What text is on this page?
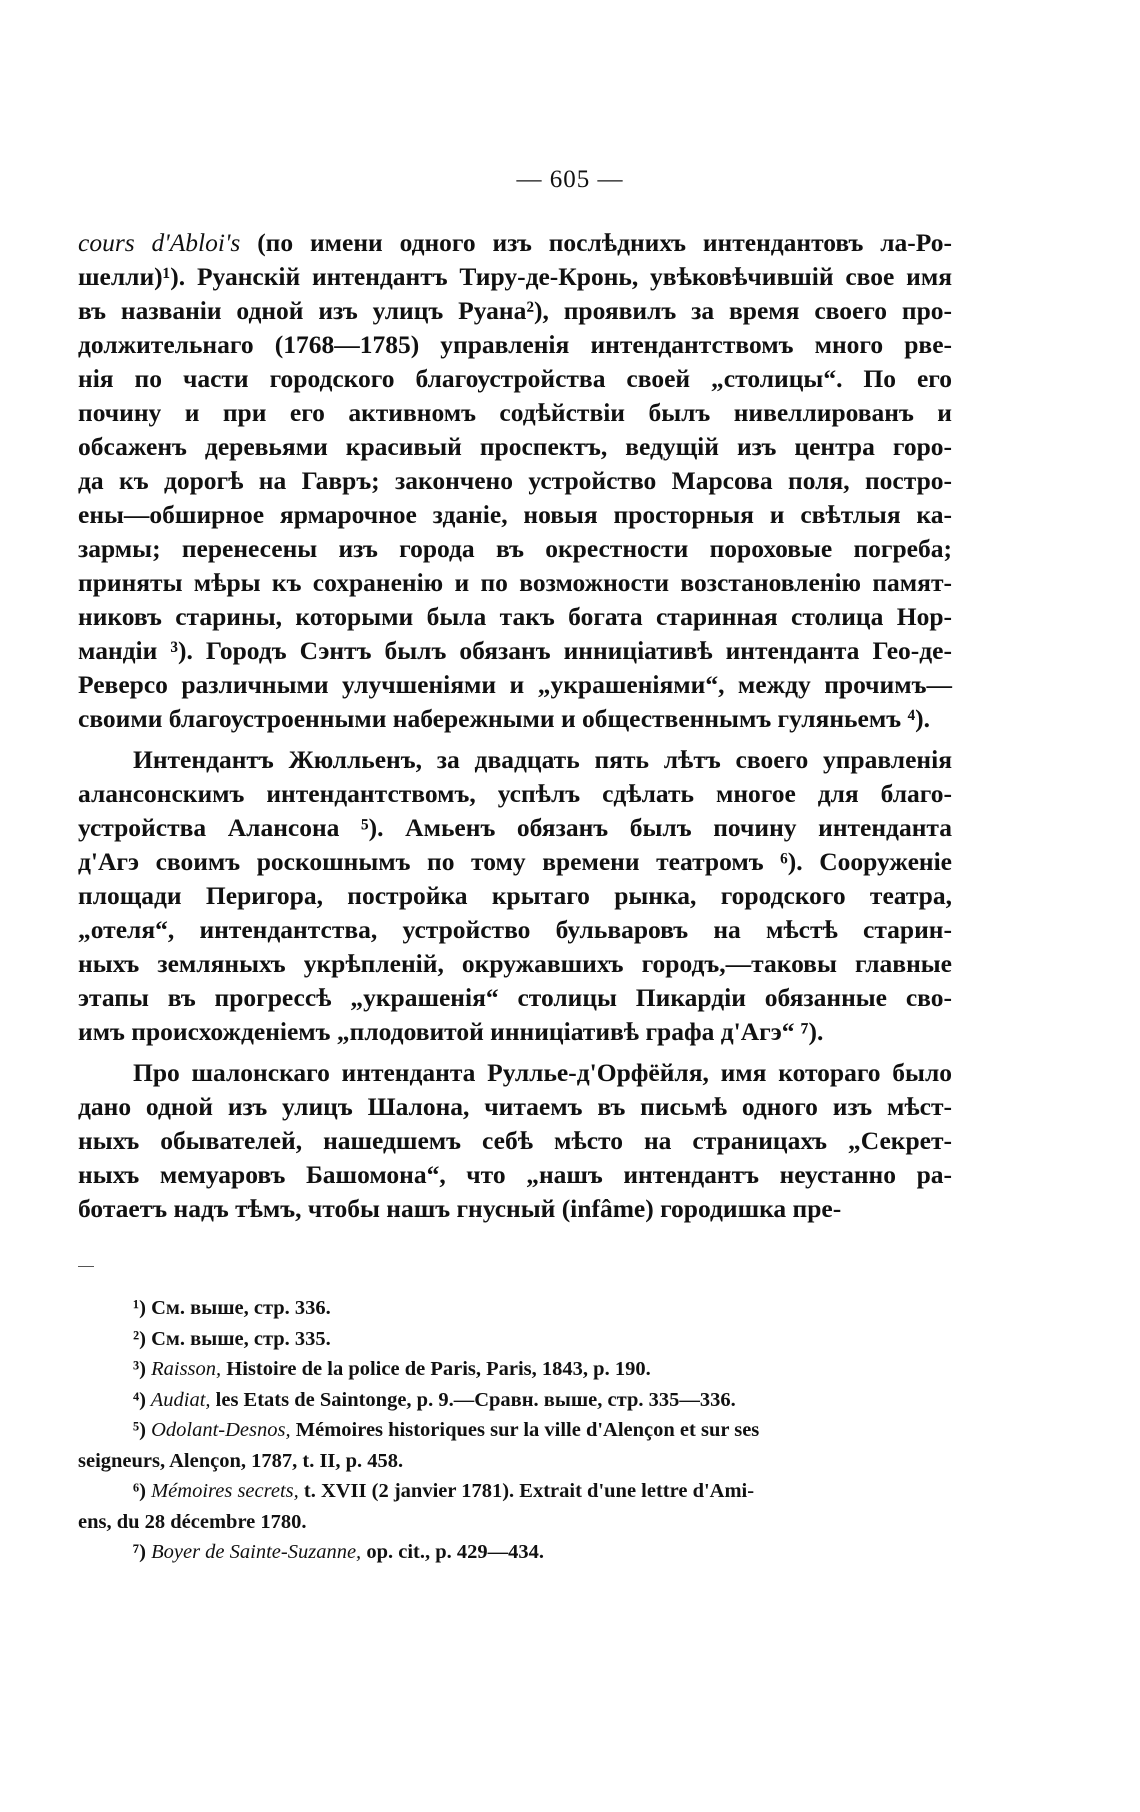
— 605 —
cours d'Abloi's (по имени одного изъ послѣднихъ интендантовъ ла-Ро-
шелли)¹). Руанскій интендантъ Тиру-де-Кронь, увѣковѣчившій свое имя
въ названіи одной изъ улицъ Руана²), проявилъ за время своего про-
должительнаго (1768—1785) управленія интендантствомъ много рве-
нія по части городского благоустройства своей „столицы“. По его
почину и при его активномъ содѣйствіи былъ нивеллированъ и
обсаженъ деревьями красивый проспектъ, ведущій изъ центра горо-
да къ дорогѣ на Гавръ; закончено устройство Марсова поля, постро-
ены—обширное ярмарочное зданіе, новыя просторныя и свѣтлыя ка-
зармы; перенесены изъ города въ окрестности пороховые погреба;
приняты мѣры къ сохраненію и по возможности возстановленію памят-
никовъ старины, которыми была такъ богата старинная столица Нор-
мандіи ³). Городъ Сэнтъ былъ обязанъ инниціативѣ интенданта Гео-де-
Реверсо различными улучшеніями и „украшеніями“, между прочимъ—
своими благоустроенными набережными и общественнымъ гуляньемъ ⁴).
Интендантъ Жюлльенъ, за двадцать пять лѣтъ своего управленія
алансонскимъ интендантствомъ, успѣлъ сдѣлать многое для благо-
устройства Алансона ⁵). Амьенъ обязанъ былъ почину интенданта
д'Агэ своимъ роскошнымъ по тому времени театромъ ⁶). Сооруженіе
площади Перигора, постройка крытаго рынка, городского театра,
„отеля“, интендантства, устройство бульваровъ на мѣстѣ старин-
ныхъ земляныхъ укрѣпленій, окружавшихъ городъ,—таковы главные
этапы въ прогрессѣ „украшенія“ столицы Пикардіи обязанные сво-
имъ происхожденіемъ „плодовитой инниціативѣ графа д'Агэ“ ⁷).
Про шалонскаго интенданта Руллье-д'Орфёйля, имя котораго было
дано одной изъ улицъ Шалона, читаемъ въ письмѣ одного изъ мѣст-
ныхъ обывателей, нашедшемъ себѣ мѣсто на страницахъ „Секрет-
ныхъ мемуаровъ Башомона“, что „нашъ интендантъ неустанно ра-
ботаетъ надъ тѣмъ, чтобы нашъ гнусный (infâme) городишка пре-
¹) См. выше, стр. 336.
²) См. выше, стр. 335.
³) Raisson, Histoire de la police de Paris, Paris, 1843, p. 190.
⁴) Audiat, les Etats de Saintonge, p. 9.—Сравн. выше, стр. 335—336.
⁵) Odolant-Desnos, Mémoires historiques sur la ville d'Alençon et sur ses
seigneurs, Alençon, 1787, t. II, p. 458.
⁶) Mémoires secrets, t. XVII (2 janvier 1781). Extrait d'une lettre d'Ami-
ens, du 28 décembre 1780.
⁷) Boyer de Sainte-Suzanne, op. cit., p. 429—434.
